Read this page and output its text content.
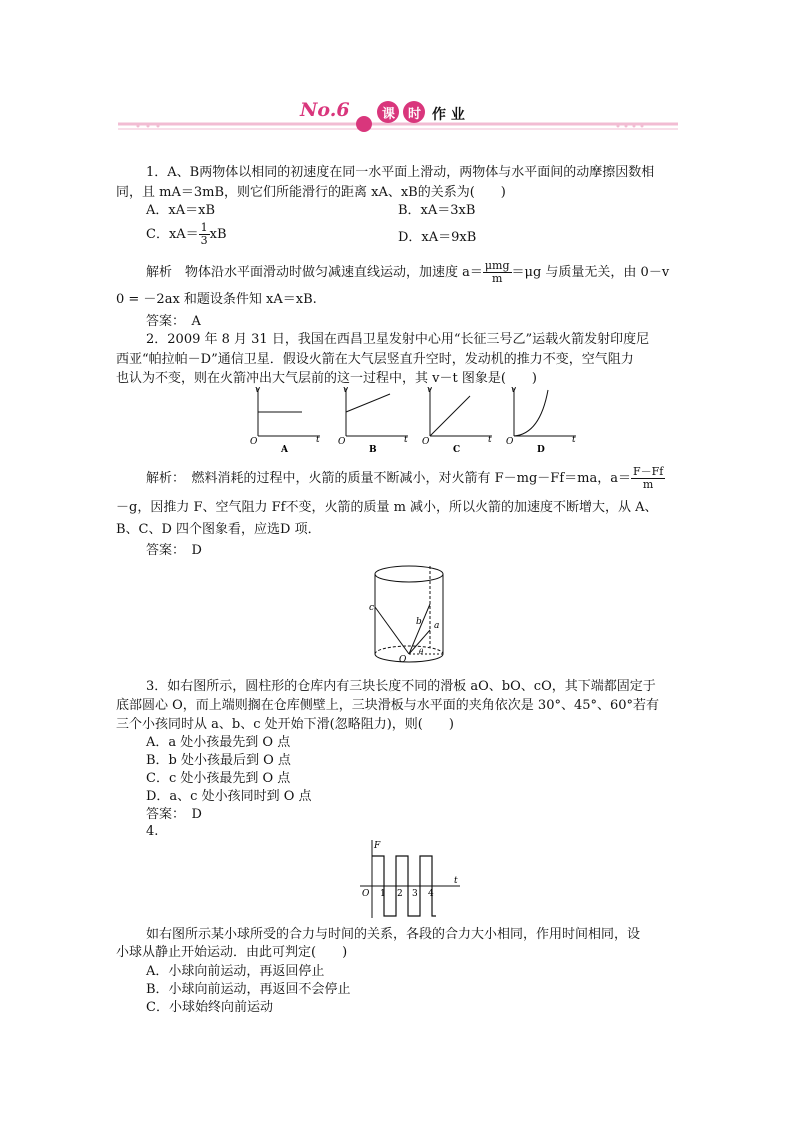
No.6 课 时 作 业
1．A、B两物体以相同的初速度在同一水平面上滑动，两物体与水平面间的动摩擦因数相
同，且 mA＝3mB，则它们所能滑行的距离 xA、xB的关系为(　　)
A．xA＝xB	B．xA＝3xB
C．$xA= \frac{1}{3}$ xB	D．xA＝9xB
解析　物体沿水平面滑动时做匀减速直线运动，加速度 $a= \frac{\text{μmg}}{m} =\mu g$ 与质量无关，由 0－v
0 = －2ax 和题设条件知 xA＝xB.
答案：　A
2．2009 年 8 月 31 日，我国在西昌卫星发射中心用“长征三号乙”运载火箭发射印度尼
西亚“帕拉帕－D”通信卫星．假设火箭在大气层竖直升空时，发动机的推力不变，空气阻力
也认为不变，则在火箭冲出大气层前的这一过程中，其 v－t 图象是(　　)
v
t
O
A
v
t
O
B
v
t
O
C
v
t
O
D
解析：　燃料消耗的过程中，火箭的质量不断减小，对火箭有 F－mg－Ff＝ma，$a= \frac{F-Ff}{m}$
－g，因推力 F、空气阻力 Ff不变，火箭的质量 m 减小，所以火箭的加速度不断增大，从 A、
B、C、D 四个图象看，应选D 项．
答案：　D
c
b a
O
θ
3．如右图所示，圆柱形的仓库内有三块长度不同的滑板 aO、bO、cO，其下端都固定于
底部圆心 O，而上端则搁在仓库侧壁上，三块滑板与水平面的夹角依次是 30°、45°、60°若有
三个小孩同时从 a、b、c 处开始下滑(忽略阻力)，则(　　)
A．a 处小孩最先到 O 点
B．b 处小孩最后到 O 点
C．c 处小孩最先到 O 点
D．a、c 处小孩同时到 O 点
答案：　D
4.
F
t
O 1 2 3 4
如右图所示某小球所受的合力与时间的关系，各段的合力大小相同，作用时间相同，设
小球从静止开始运动．由此可判定(　　)
A．小球向前运动，再返回停止
B．小球向前运动，再返回不会停止
C．小球始终向前运动
